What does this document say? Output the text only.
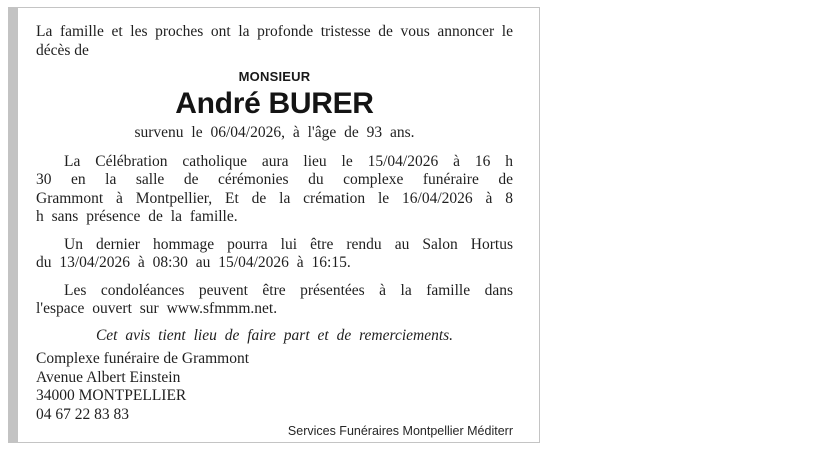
La famille et les proches ont la profonde tristesse de vous annoncer le
décès de
MONSIEUR
André BURER
survenu le 06/04/2026, à l'âge de 93 ans.
La Célébration catholique aura lieu le 15/04/2026 à 16 h
30 en la salle de cérémonies du complexe funéraire de
Grammont à Montpellier, Et de la crémation le 16/04/2026 à 8
h sans présence de la famille.
Un dernier hommage pourra lui être rendu au Salon Hortus
du 13/04/2026 à 08:30 au 15/04/2026 à 16:15.
Les condoléances peuvent être présentées à la famille dans
l'espace ouvert sur www.sfmmm.net.
Cet avis tient lieu de faire part et de remerciements.
Complexe funéraire de Grammont
Avenue Albert Einstein
34000 MONTPELLIER
04 67 22 83 83
Services Funéraires Montpellier Méditerr
